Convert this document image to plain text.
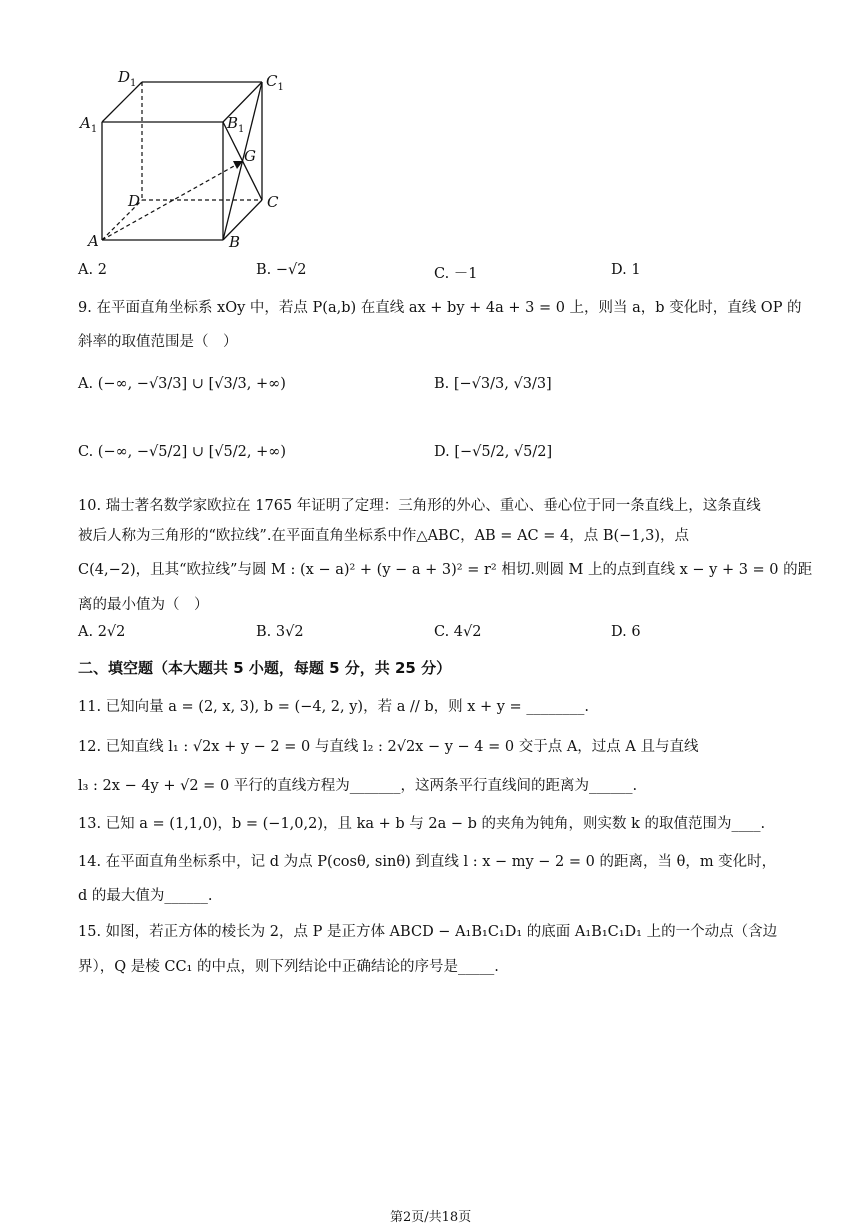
$D_1$	$C_1$
$A_1$	$B_1$
G
D	C
A	B
A. 2	B. −√2	C. －1	D. 1
9. 在平面直角坐标系 xOy 中，若点 P(a,b) 在直线 ax + by + 4a + 3 = 0 上，则当 a，b 变化时，直线 OP 的
斜率的取值范围是（　）
A. (−∞, −√3/3] ∪ [√3/3, +∞)	B. [−√3/3, √3/3]
C. (−∞, −√5/2] ∪ [√5/2, +∞)	D. [−√5/2, √5/2]
10. 瑞士著名数学家欧拉在 1765 年证明了定理：三角形的外心、重心、垂心位于同一条直线上，这条直线
被后人称为三角形的“欧拉线”.在平面直角坐标系中作△ABC，AB = AC = 4，点 B(−1,3)，点
C(4,−2)，且其“欧拉线”与圆 M : (x − a)² + (y − a + 3)² = r² 相切.则圆 M 上的点到直线 x − y + 3 = 0 的距
离的最小值为（　）
A. 2√2	B. 3√2	C. 4√2	D. 6
二、填空题（本大题共 5 小题，每题 5 分，共 25 分）
11. 已知向量 a = (2, x, 3), b = (−4, 2, y)，若 a // b，则 x + y = ________.
12. 已知直线 l₁ : √2x + y − 2 = 0 与直线 l₂ : 2√2x − y − 4 = 0 交于点 A，过点 A 且与直线
l₃ : 2x − 4y + √2 = 0 平行的直线方程为_______，这两条平行直线间的距离为______.
13. 已知 a = (1,1,0)，b = (−1,0,2)，且 ka + b 与 2a − b 的夹角为钝角，则实数 k 的取值范围为____.
14. 在平面直角坐标系中，记 d 为点 P(cosθ, sinθ) 到直线 l : x − my − 2 = 0 的距离，当 θ，m 变化时，
d 的最大值为______.
15. 如图，若正方体的棱长为 2，点 P 是正方体 ABCD − A₁B₁C₁D₁ 的底面 A₁B₁C₁D₁ 上的一个动点（含边
界），Q 是棱 CC₁ 的中点，则下列结论中正确结论的序号是_____.
第2页/共18页
